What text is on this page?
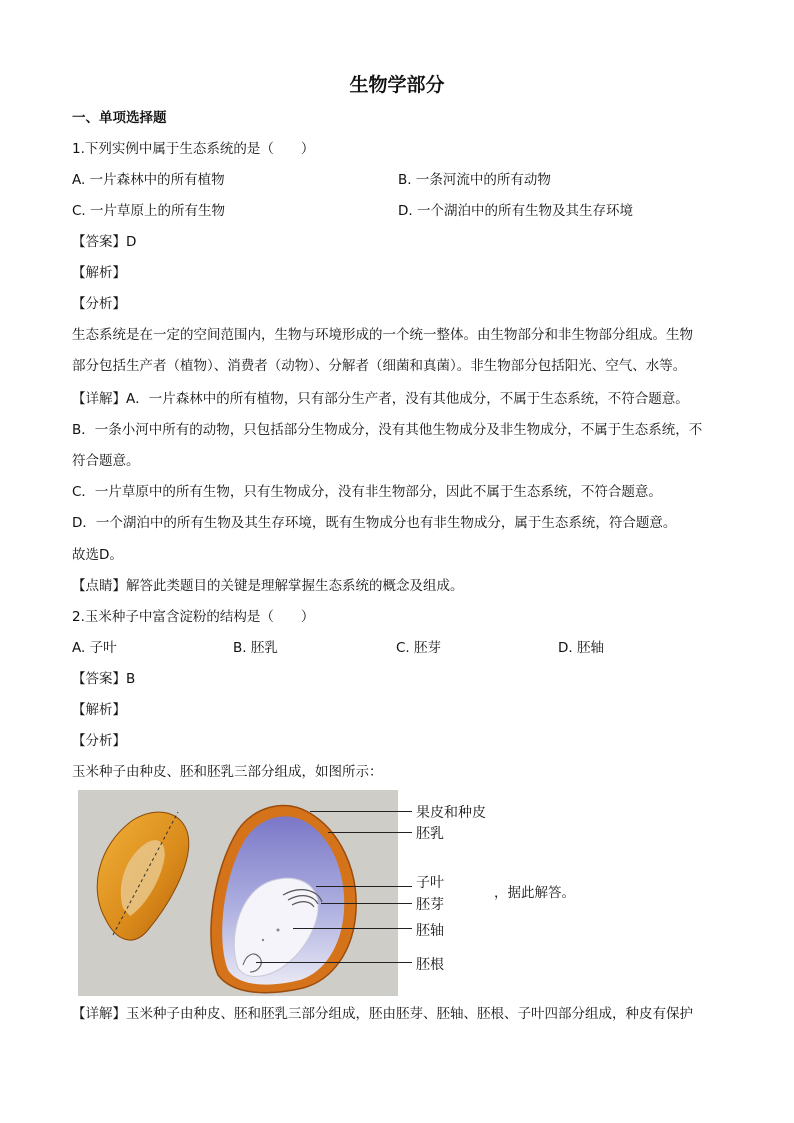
生物学部分
一、单项选择题
1.下列实例中属于生态系统的是（　　）
A. 一片森林中的所有植物	B. 一条河流中的所有动物
C. 一片草原上的所有生物	D. 一个湖泊中的所有生物及其生存环境
【答案】D
【解析】
【分析】
生态系统是在一定的空间范围内，生物与环境形成的一个统一整体。由生物部分和非生物部分组成。生物
部分包括生产者（植物）、消费者（动物）、分解者（细菌和真菌）。非生物部分包括阳光、空气、水等。
【详解】A．一片森林中的所有植物，只有部分生产者，没有其他成分，不属于生态系统，不符合题意。
B．一条小河中所有的动物，只包括部分生物成分，没有其他生物成分及非生物成分，不属于生态系统，不
符合题意。
C．一片草原中的所有生物，只有生物成分，没有非生物部分，因此不属于生态系统，不符合题意。
D．一个湖泊中的所有生物及其生存环境，既有生物成分也有非生物成分，属于生态系统，符合题意。
故选D。
【点睛】解答此类题目的关键是理解掌握生态系统的概念及组成。
2.玉米种子中富含淀粉的结构是（　　）
A. 子叶	B. 胚乳	C. 胚芽	D. 胚轴
【答案】B
【解析】
【分析】
玉米种子由种皮、胚和胚乳三部分组成，如图所示：
果皮和种皮
胚乳
子叶
胚芽
胚轴
胚根
，据此解答。
【详解】玉米种子由种皮、胚和胚乳三部分组成，胚由胚芽、胚轴、胚根、子叶四部分组成，种皮有保护
